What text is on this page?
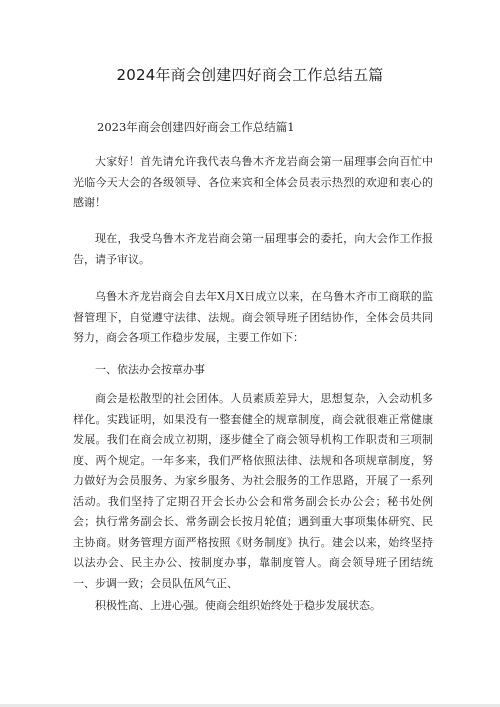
2024年商会创建四好商会工作总结五篇
2023年商会创建四好商会工作总结篇1

大家好！首先请允许我代表乌鲁木齐龙岩商会第一届理事会向百忙中光临今天大会的各级领导、各位来宾和全体会员表示热烈的欢迎和衷心的感谢！

现在，我受乌鲁木齐龙岩商会第一届理事会的委托，向大会作工作报告，请予审议。

乌鲁木齐龙岩商会自去年X月X日成立以来，在乌鲁木齐市工商联的监督管理下，自觉遵守法律、法规。商会领导班子团结协作，全体会员共同努力，商会各项工作稳步发展，主要工作如下：

一、依法办会按章办事

商会是松散型的社会团体。人员素质差异大，思想复杂，入会动机多样化。实践证明，如果没有一整套健全的规章制度，商会就很难正常健康发展。我们在商会成立初期，逐步健全了商会领导机构工作职责和三项制度、两个规定。一年多来，我们严格依照法律、法规和各项规章制度，努力做好为会员服务、为家乡服务、为社会服务的工作思路，开展了一系列活动。我们坚持了定期召开会长办公会和常务副会长办公会；秘书处例会；执行常务副会长、常务副会长按月轮值；遇到重大事项集体研究、民主协商。财务管理方面严格按照《财务制度》执行。建会以来，始终坚持以法办会、民主办公、按制度办事，靠制度管人。商会领导班子团结统一、步调一致；会员队伍风气正、

积极性高、上进心强。使商会组织始终处于稳步发展状态。
